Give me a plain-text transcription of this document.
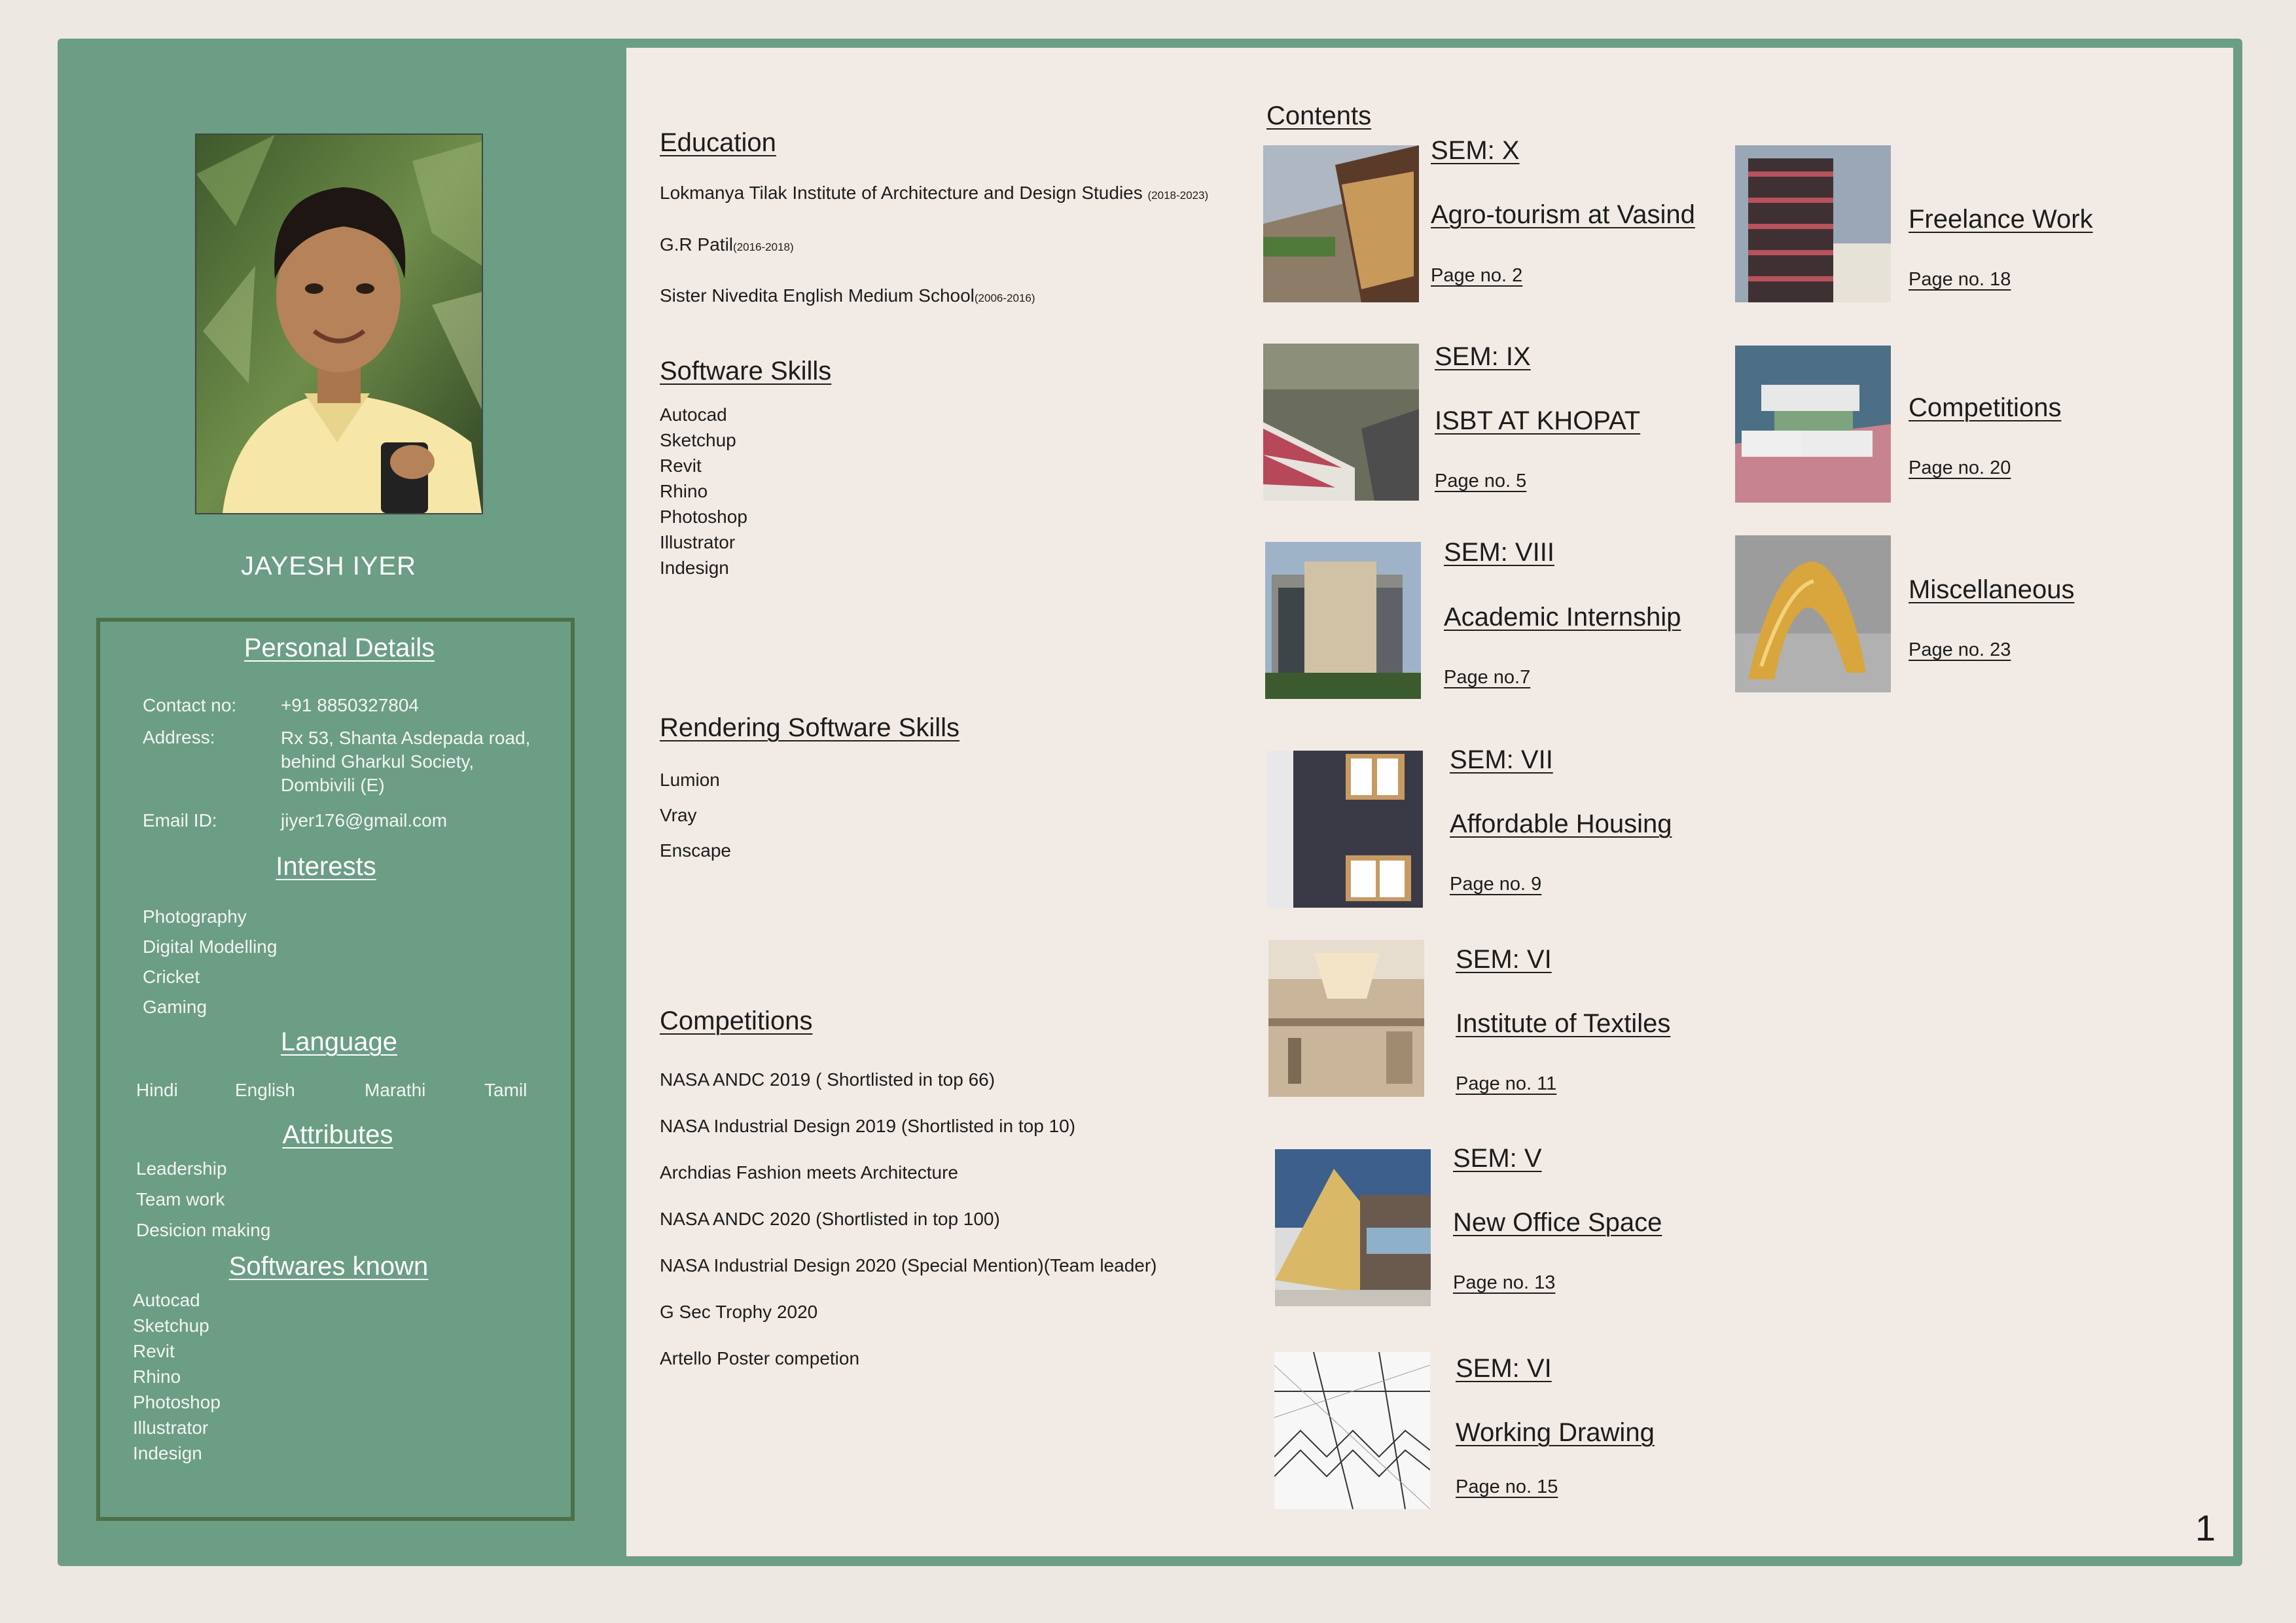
JAYESH IYER
Personal Details
Contact no: +91 8850327804
Address:	Rx 53, Shanta Asdepada road,
behind Gharkul Society,
Dombivili (E)
Email ID:	jiyer176@gmail.com
Interests
Photography
Digital Modelling
Cricket
Gaming
Language
Hindi	English	Marathi	Tamil
Attributes
Leadership
Team work
Desicion making
Softwares known
Autocad
Sketchup
Revit
Rhino
Photoshop
Illustrator
Indesign
Education
Lokmanya Tilak Institute of Architecture and Design Studies (2018-2023)
G.R Patil(2016-2018)
Sister Nivedita English Medium School(2006-2016)
Software Skills
Autocad
Sketchup
Revit
Rhino
Photoshop
Illustrator
Indesign
Rendering Software Skills
Lumion
Vray
Enscape
Competitions
NASA ANDC 2019 ( Shortlisted in top 66)
NASA Industrial Design 2019 (Shortlisted in top 10)
Archdias Fashion meets Architecture
NASA ANDC 2020 (Shortlisted in top 100)
NASA Industrial Design 2020 (Special Mention)(Team leader)
G Sec Trophy 2020
Artello Poster competion
Contents
SEM: X
Agro-tourism at Vasind
Page no. 2
SEM: IX
ISBT AT KHOPAT
Page no. 5
SEM: VIII
Academic Internship
Page no.7
SEM: VII
Affordable Housing
Page no. 9
SEM: VI
Institute of Textiles
Page no. 11
SEM: V
New Office Space
Page no. 13
SEM: VI
Working Drawing
Page no. 15
Freelance Work
Page no. 18
Competitions
Page no. 20
Miscellaneous
Page no. 23
1
